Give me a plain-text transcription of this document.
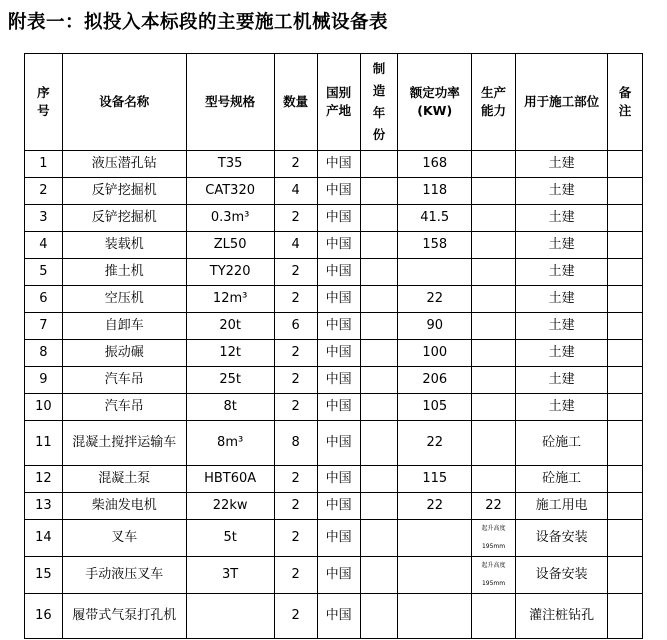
附表一：拟投入本标段的主要施工机械设备表
序号	设备名称	型号规格	数量	国别产地	制造年份	额定功率(KW)	生产能力	用于施工部位	备注
1	液压潜孔钻	T35	2	中国		168		土建	
2	反铲挖掘机	CAT320	4	中国		118		土建	
3	反铲挖掘机	0.3m³	2	中国		41.5		土建	
4	装载机	ZL50	4	中国		158		土建	
5	推土机	TY220	2	中国				土建	
6	空压机	12m³	2	中国		22		土建	
7	自卸车	20t	6	中国		90		土建	
8	振动碾	12t	2	中国		100		土建	
9	汽车吊	25t	2	中国		206		土建	
10	汽车吊	8t	2	中国		105		土建	
11	混凝土搅拌运输车	8m³	8	中国		22		砼施工	
12	混凝土泵	HBT60A	2	中国		115		砼施工	
13	柴油发电机	22kw	2	中国		22	22	施工用电	
14	叉车	5t	2	中国			起升高度195mm	设备安装	
15	手动液压叉车	3T	2	中国			起升高度195mm	设备安装	
16	履带式气泵打孔机		2	中国				灌注桩钻孔	
